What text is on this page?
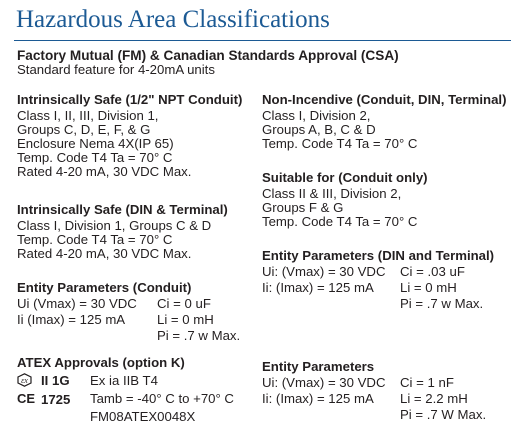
Hazardous Area Classifications
Factory Mutual (FM) & Canadian Standards Approval (CSA)
Standard feature for 4-20mA units
Intrinsically Safe (1/2" NPT Conduit)
Class I, II, III, Division 1,
Groups C, D, E, F, & G
Enclosure Nema 4X(IP 65)
Temp. Code T4 Ta = 70° C
Rated 4-20 mA, 30 VDC Max.
Intrinsically Safe (DIN & Terminal)
Class I, Division 1, Groups C & D
Temp. Code T4 Ta = 70° C
Rated 4-20 mA, 30 VDC Max.
Entity Parameters (Conduit)
Ui (Vmax) = 30 VDC Ci = 0 uF
Ii (Imax) = 125 mA Li = 0 mH
Pi = .7 w Max.
ATEX Approvals (option K)
εx II 1G
CE 1725
Ex ia IIB T4
Tamb = -40° C to +70° C
FM08ATEX0048X
Non-Incendive (Conduit, DIN, Terminal)
Class I, Division 2,
Groups A, B, C & D
Temp. Code T4 Ta = 70° C
Suitable for (Conduit only)
Class II & III, Division 2,
Groups F & G
Temp. Code T4 Ta = 70° C
Entity Parameters (DIN and Terminal)
Ui: (Vmax) = 30 VDC Ci = .03 uF
Ii: (Imax) = 125 mA Li = 0 mH
Pi = .7 w Max.
Entity Parameters
Ui: (Vmax) = 30 VDC Ci = 1 nF
Ii: (Imax) = 125 mA Li = 2.2 mH
Pi = .7 W Max.
